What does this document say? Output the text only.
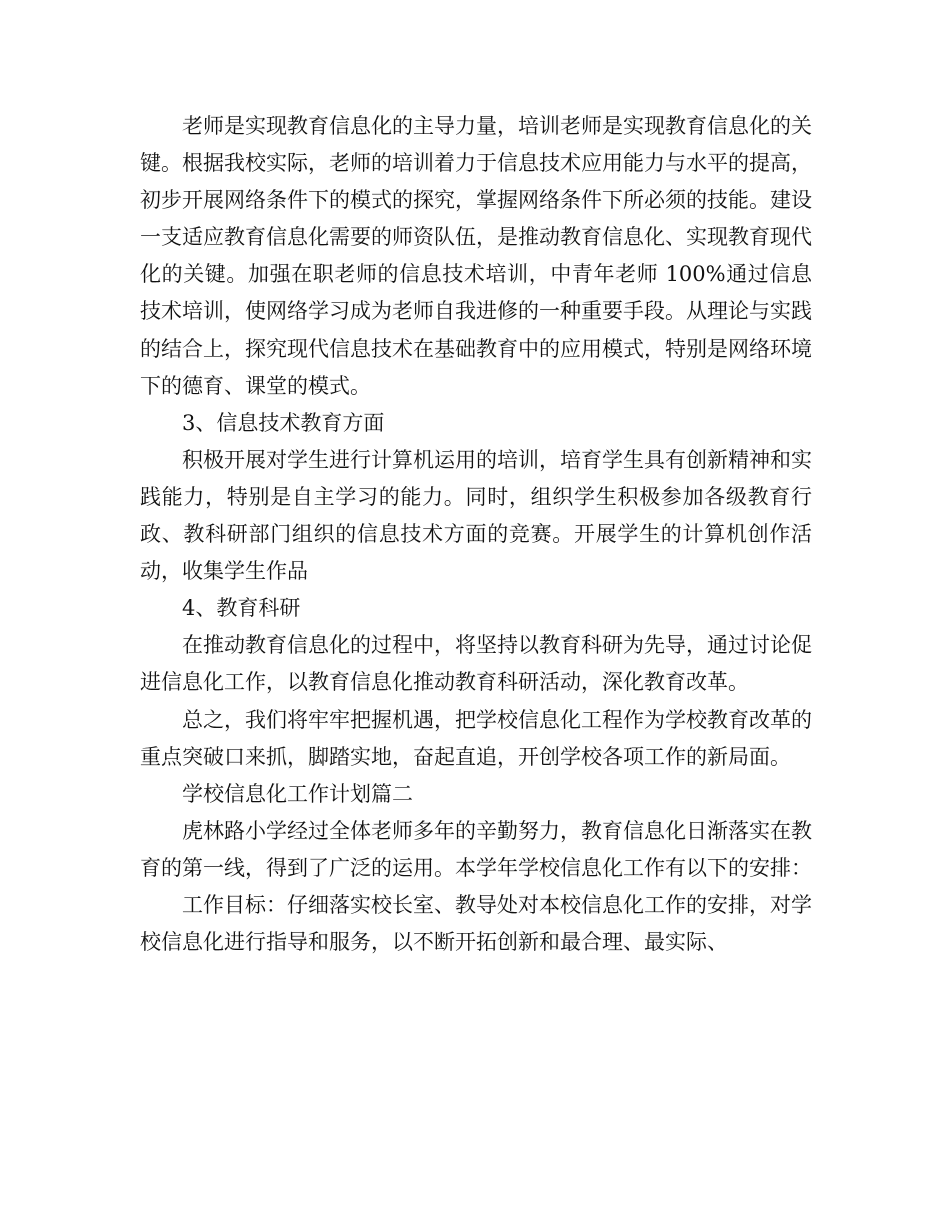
老师是实现教育信息化的主导力量，培训老师是实现教育信息化的关键。根据我校实际，老师的培训着力于信息技术应用能力与水平的提高，初步开展网络条件下的模式的探究，掌握网络条件下所必须的技能。建设一支适应教育信息化需要的师资队伍，是推动教育信息化、实现教育现代化的关键。加强在职老师的信息技术培训，中青年老师 100%通过信息技术培训，使网络学习成为老师自我进修的一种重要手段。从理论与实践的结合上，探究现代信息技术在基础教育中的应用模式，特别是网络环境下的德育、课堂的模式。

3、信息技术教育方面

积极开展对学生进行计算机运用的培训，培育学生具有创新精神和实践能力，特别是自主学习的能力。同时，组织学生积极参加各级教育行政、教科研部门组织的信息技术方面的竞赛。开展学生的计算机创作活动，收集学生作品

4、教育科研

在推动教育信息化的过程中，将坚持以教育科研为先导，通过讨论促进信息化工作，以教育信息化推动教育科研活动，深化教育改革。

总之，我们将牢牢把握机遇，把学校信息化工程作为学校教育改革的重点突破口来抓，脚踏实地，奋起直追，开创学校各项工作的新局面。

学校信息化工作计划篇二

虎林路小学经过全体老师多年的辛勤努力，教育信息化日渐落实在教育的第一线，得到了广泛的运用。本学年学校信息化工作有以下的安排：

工作目标：仔细落实校长室、教导处对本校信息化工作的安排，对学校信息化进行指导和服务，以不断开拓创新和最合理、最实际、
